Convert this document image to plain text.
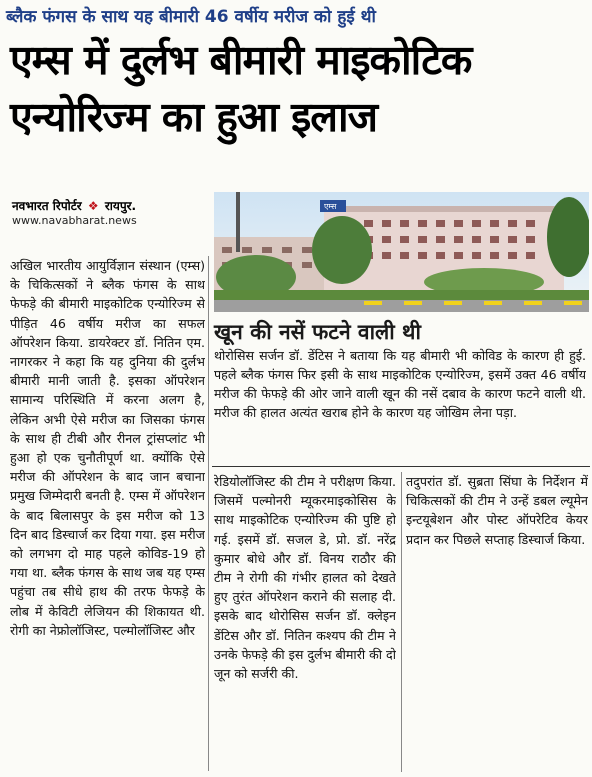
ब्लैक फंगस के साथ यह बीमारी 46 वर्षीय मरीज को हुई थी
एम्स में दुर्लभ बीमारी माइकोटिक
एन्योरिज्म का हुआ इलाज
नवभारत रिपोर्टर ❖ रायपुर.
www.navabharat.news
एम्स
अखिल भारतीय आयुर्विज्ञान संस्थान (एम्स) के चिकित्सकों ने ब्लैक फंगस के साथ फेफड़े की बीमारी माइकोटिक एन्योरिज्म से पीड़ित 46 वर्षीय मरीज का सफल ऑपरेशन किया. डायरेक्टर डॉ. नितिन एम. नागरकर ने कहा कि यह दुनिया की दुर्लभ बीमारी मानी जाती है. इसका ऑपरेशन सामान्य परिस्थिति में करना अलग है, लेकिन अभी ऐसे मरीज का जिसका फंगस के साथ ही टीबी और रीनल ट्रांसप्लांट भी हुआ हो एक चुनौतीपूर्ण था. क्योंकि ऐसे मरीज की ऑपरेशन के बाद जान बचाना प्रमुख जिम्मेदारी बनती है. एम्स में ऑपरेशन के बाद बिलासपुर के इस मरीज को 13 दिन बाद डिस्चार्ज कर दिया गया. इस मरीज को लगभग दो माह पहले कोविड-19 हो गया था. ब्लैक फंगस के साथ जब यह एम्स पहुंचा तब सीधे हाथ की तरफ फेफड़े के लोब में केविटी लेजियन की शिकायत थी. रोगी का नेफ्रोलॉजिस्ट, पल्मोलॉजिस्ट और
खून की नसें फटने वाली थी
थोरोसिस सर्जन डॉ. डेंटिस ने बताया कि यह बीमारी भी कोविड के कारण ही हुई. पहले ब्लैक फंगस फिर इसी के साथ माइकोटिक एन्योरिज्म, इसमें उक्त 46 वर्षीय मरीज की फेफड़े की ओर जाने वाली खून की नसें दबाव के कारण फटने वाली थी. मरीज की हालत अत्यंत खराब होने के कारण यह जोखिम लेना पड़ा.
रेडियोलॉजिस्ट की टीम ने परीक्षण किया. जिसमें पल्मोनरी म्यूकरमाइकोसिस के साथ माइकोटिक एन्योरिज्म की पुष्टि हो गई. इसमें डॉ. सजल डे, प्रो. डॉ. नरेंद्र कुमार बोधे और डॉ. विनय राठौर की टीम ने रोगी की गंभीर हालत को देखते हुए तुरंत ऑपरेशन कराने की सलाह दी. इसके बाद थोरोसिस सर्जन डॉ. क्लेइन डेंटिस और डॉ. नितिन कश्यप की टीम ने उनके फेफड़े की इस दुर्लभ बीमारी की दो जून को सर्जरी की.
तदुपरांत डॉ. सुब्रता सिंघा के निर्देशन में चिकित्सकों की टीम ने उन्हें डबल ल्यूमेन इन्टयूबेशन और पोस्ट ऑपरेटिव केयर प्रदान कर पिछले सप्ताह डिस्चार्ज किया.
